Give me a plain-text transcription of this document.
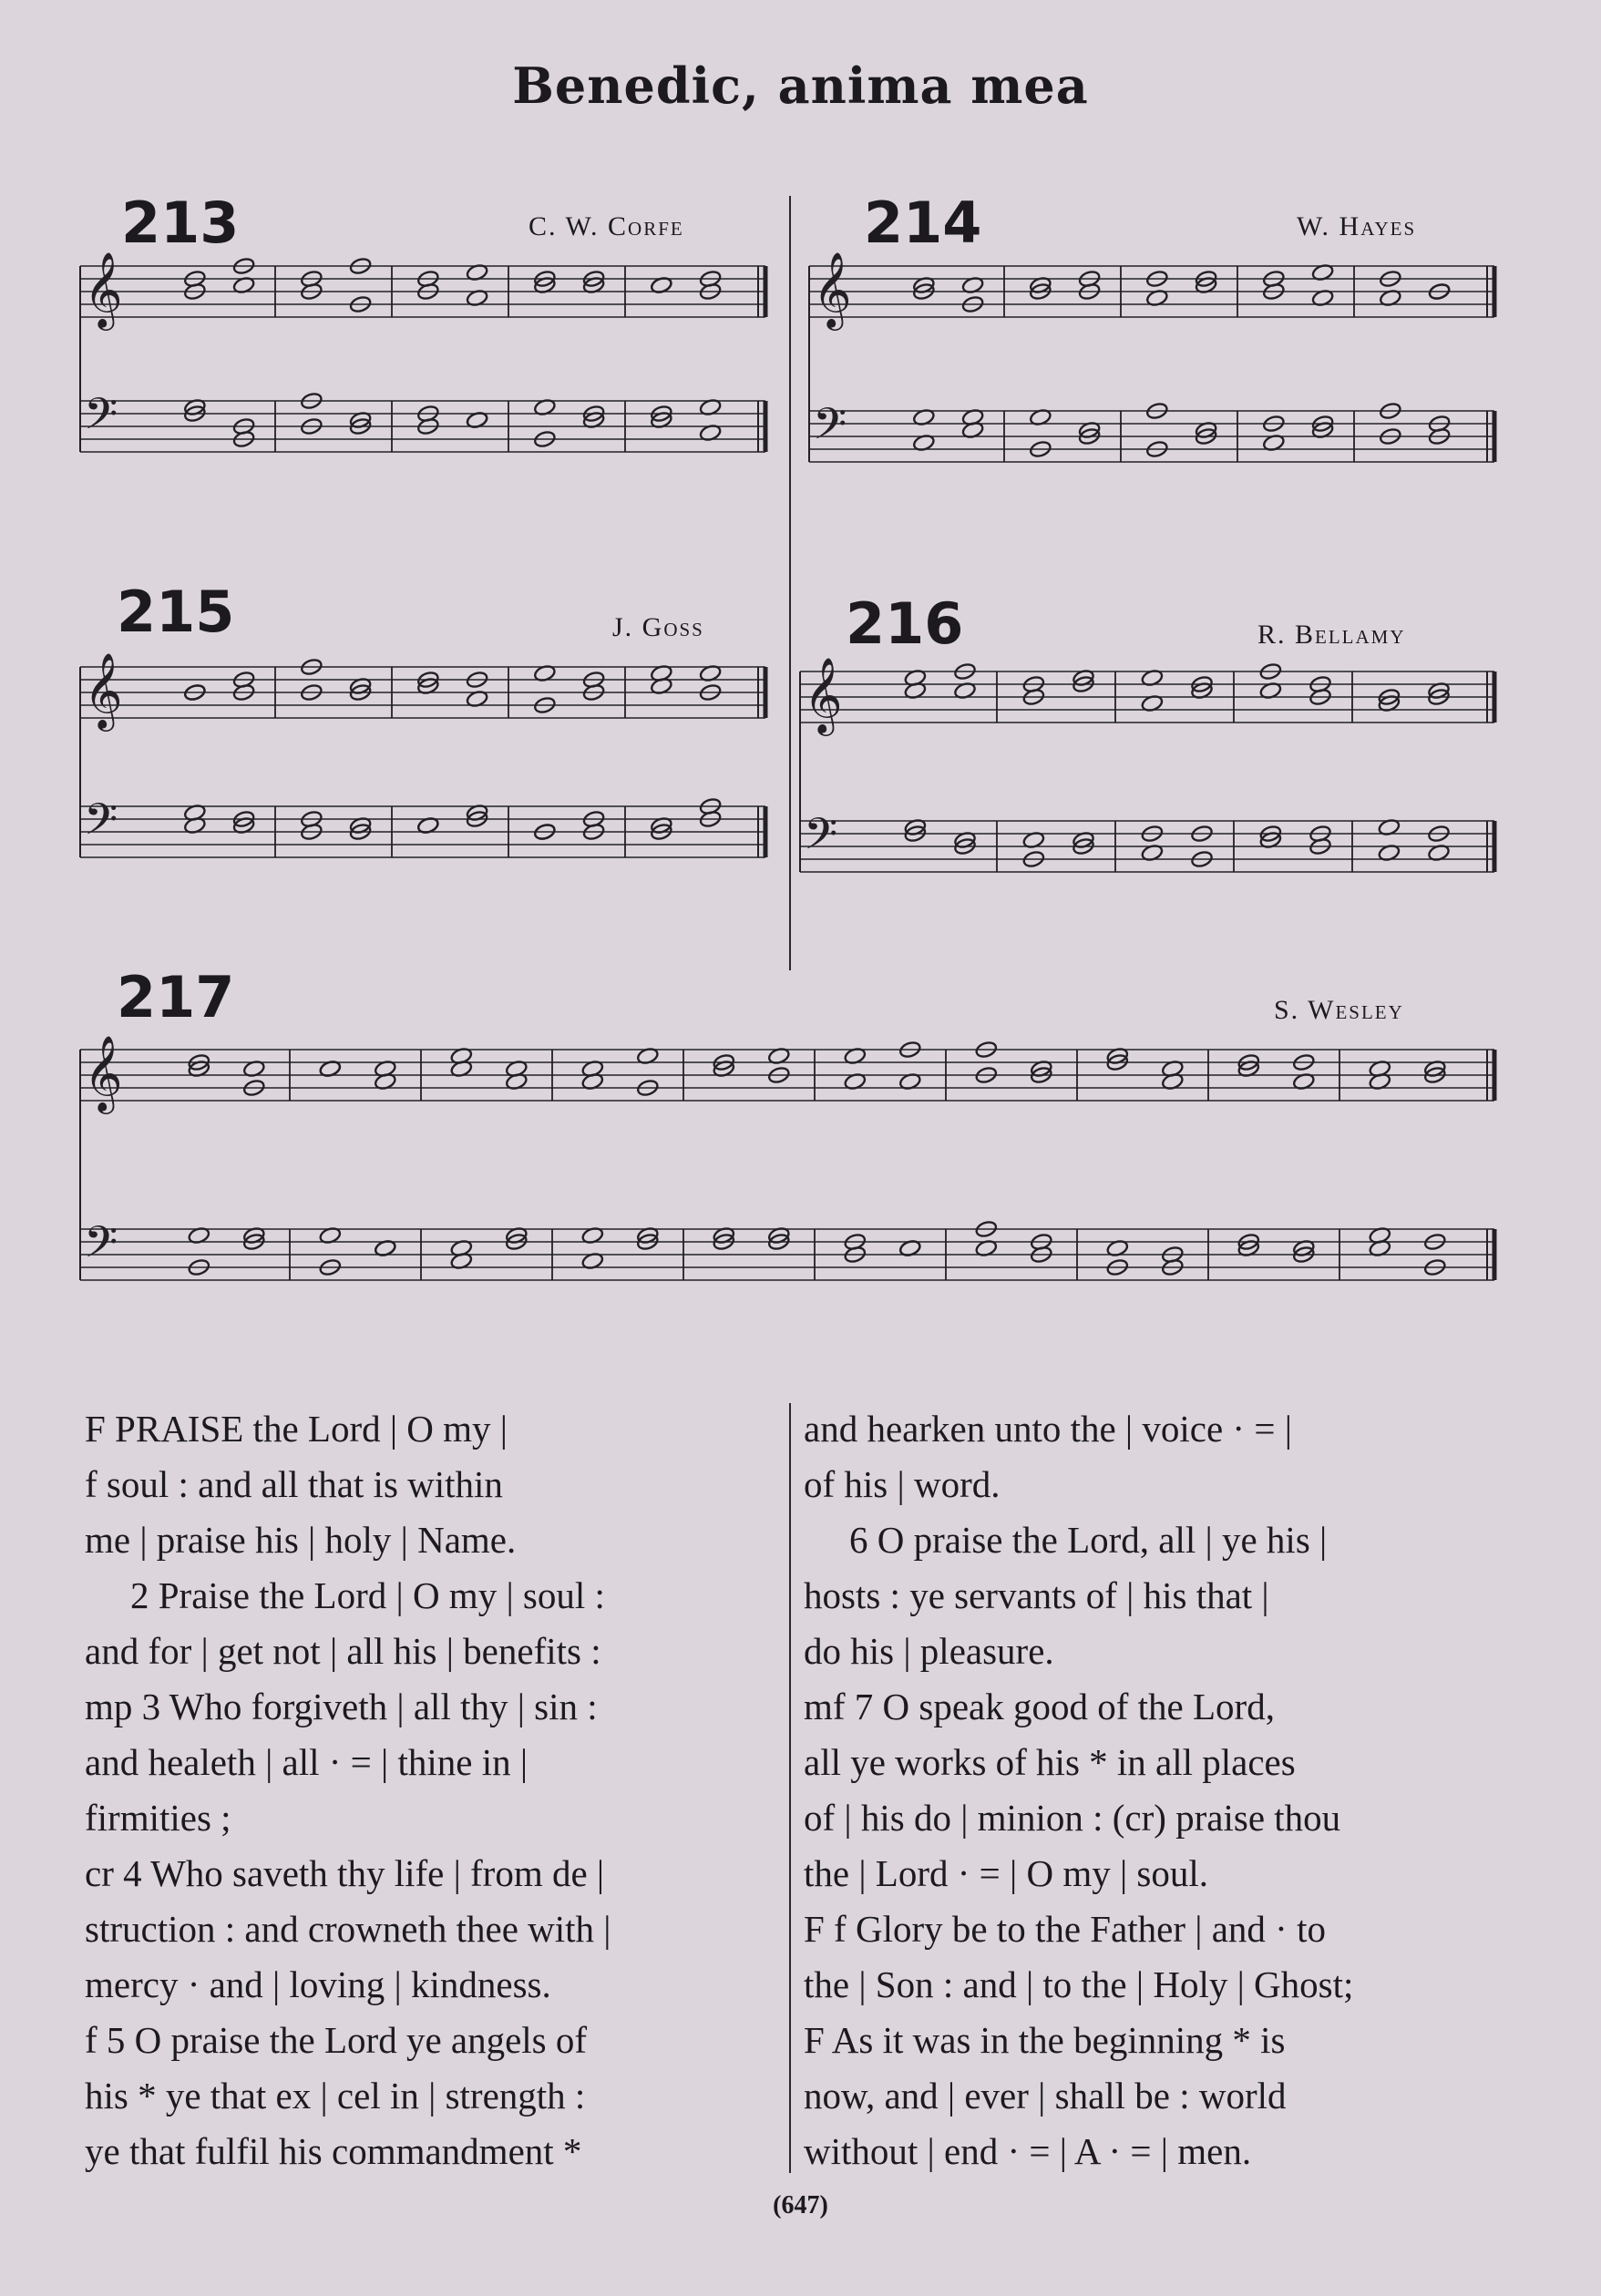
Benedic, anima mea
213	C. W. Corfe
𝄞
𝄢
214	W. Hayes
𝄞
𝄢
215	J. Goss
𝄞
𝄢
216	R. Bellamy
𝄞
𝄢
217	S. Wesley
𝄞
𝄢
F PRAISE the Lord | O my |
f soul : and all that is within
me | praise his | holy | Name.
2 Praise the Lord | O my | soul :
and for | get not | all his | benefits :
mp 3 Who forgiveth | all thy | sin :
and healeth | all · = | thine in |
firmities ;
cr 4 Who saveth thy life | from de |
struction : and crowneth thee with |
mercy · and | loving | kindness.
f 5 O praise the Lord ye angels of
his * ye that ex | cel in | strength :
ye that fulfil his commandment *
and hearken unto the | voice · = |
of his | word.
6 O praise the Lord, all | ye his |
hosts : ye servants of | his that |
do his | pleasure.
mf 7 O speak good of the Lord,
all ye works of his * in all places
of | his do | minion : (cr) praise thou
the | Lord · = | O my | soul.
F f Glory be to the Father | and · to
the | Son : and | to the | Holy | Ghost;
F As it was in the beginning * is
now, and | ever | shall be : world
without | end · = | A · = | men.
(647)
